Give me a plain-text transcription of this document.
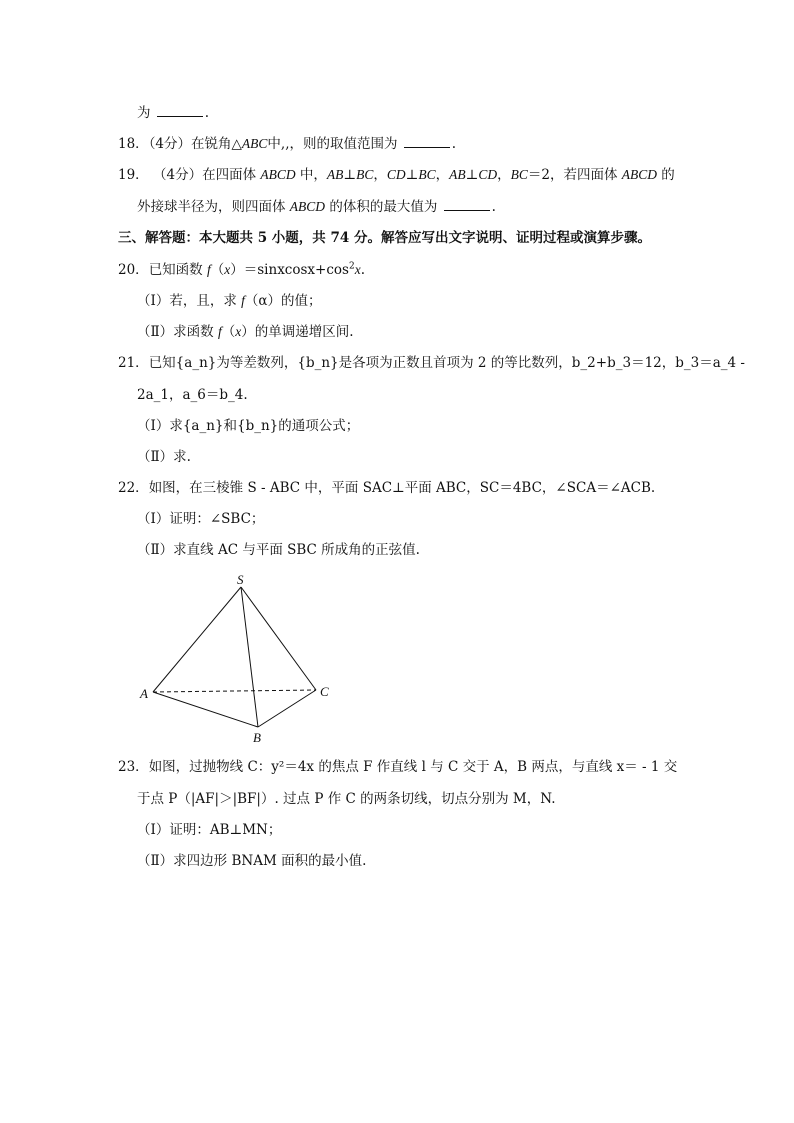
为	.
18．（4分）在锐角△ABC中,,，则的取值范围为	.
19． （4分）在四面体 ABCD 中，AB⊥BC，CD⊥BC，AB⊥CD，BC＝2，若四面体 ABCD 的
外接球半径为，则四面体 ABCD 的体积的最大值为	.
三、解答题：本大题共 5 小题，共 74 分。解答应写出文字说明、证明过程或演算步骤。
20．已知函数 $f(x)=sinxcosx+\cos^2x$.
（Ⅰ）若，且，求 f（α）的值；
（Ⅱ）求函数 f（x）的单调递增区间.
21．已知{a_n}为等差数列，{b_n}是各项为正数且首项为 2 的等比数列，b_2+b_3＝12，b_3＝a_4 -
2a_1，a_6＝b_4.
（Ⅰ）求{a_n}和{b_n}的通项公式；
（Ⅱ）求.
22．如图，在三棱锥 S - ABC 中，平面 SAC⊥平面 ABC，SC＝4BC，∠SCA＝∠ACB.
（Ⅰ）证明：∠SBC；
（Ⅱ）求直线 AC 与平面 SBC 所成角的正弦值.
S
A	C
B
23．如图，过抛物线 C：y²＝4x 的焦点 F 作直线 l 与 C 交于 A，B 两点，与直线 x＝ - 1 交
于点 P（|AF|＞|BF|）. 过点 P 作 C 的两条切线，切点分别为 M，N.
（Ⅰ）证明：AB⊥MN；
（Ⅱ）求四边形 BNAM 面积的最小值.
